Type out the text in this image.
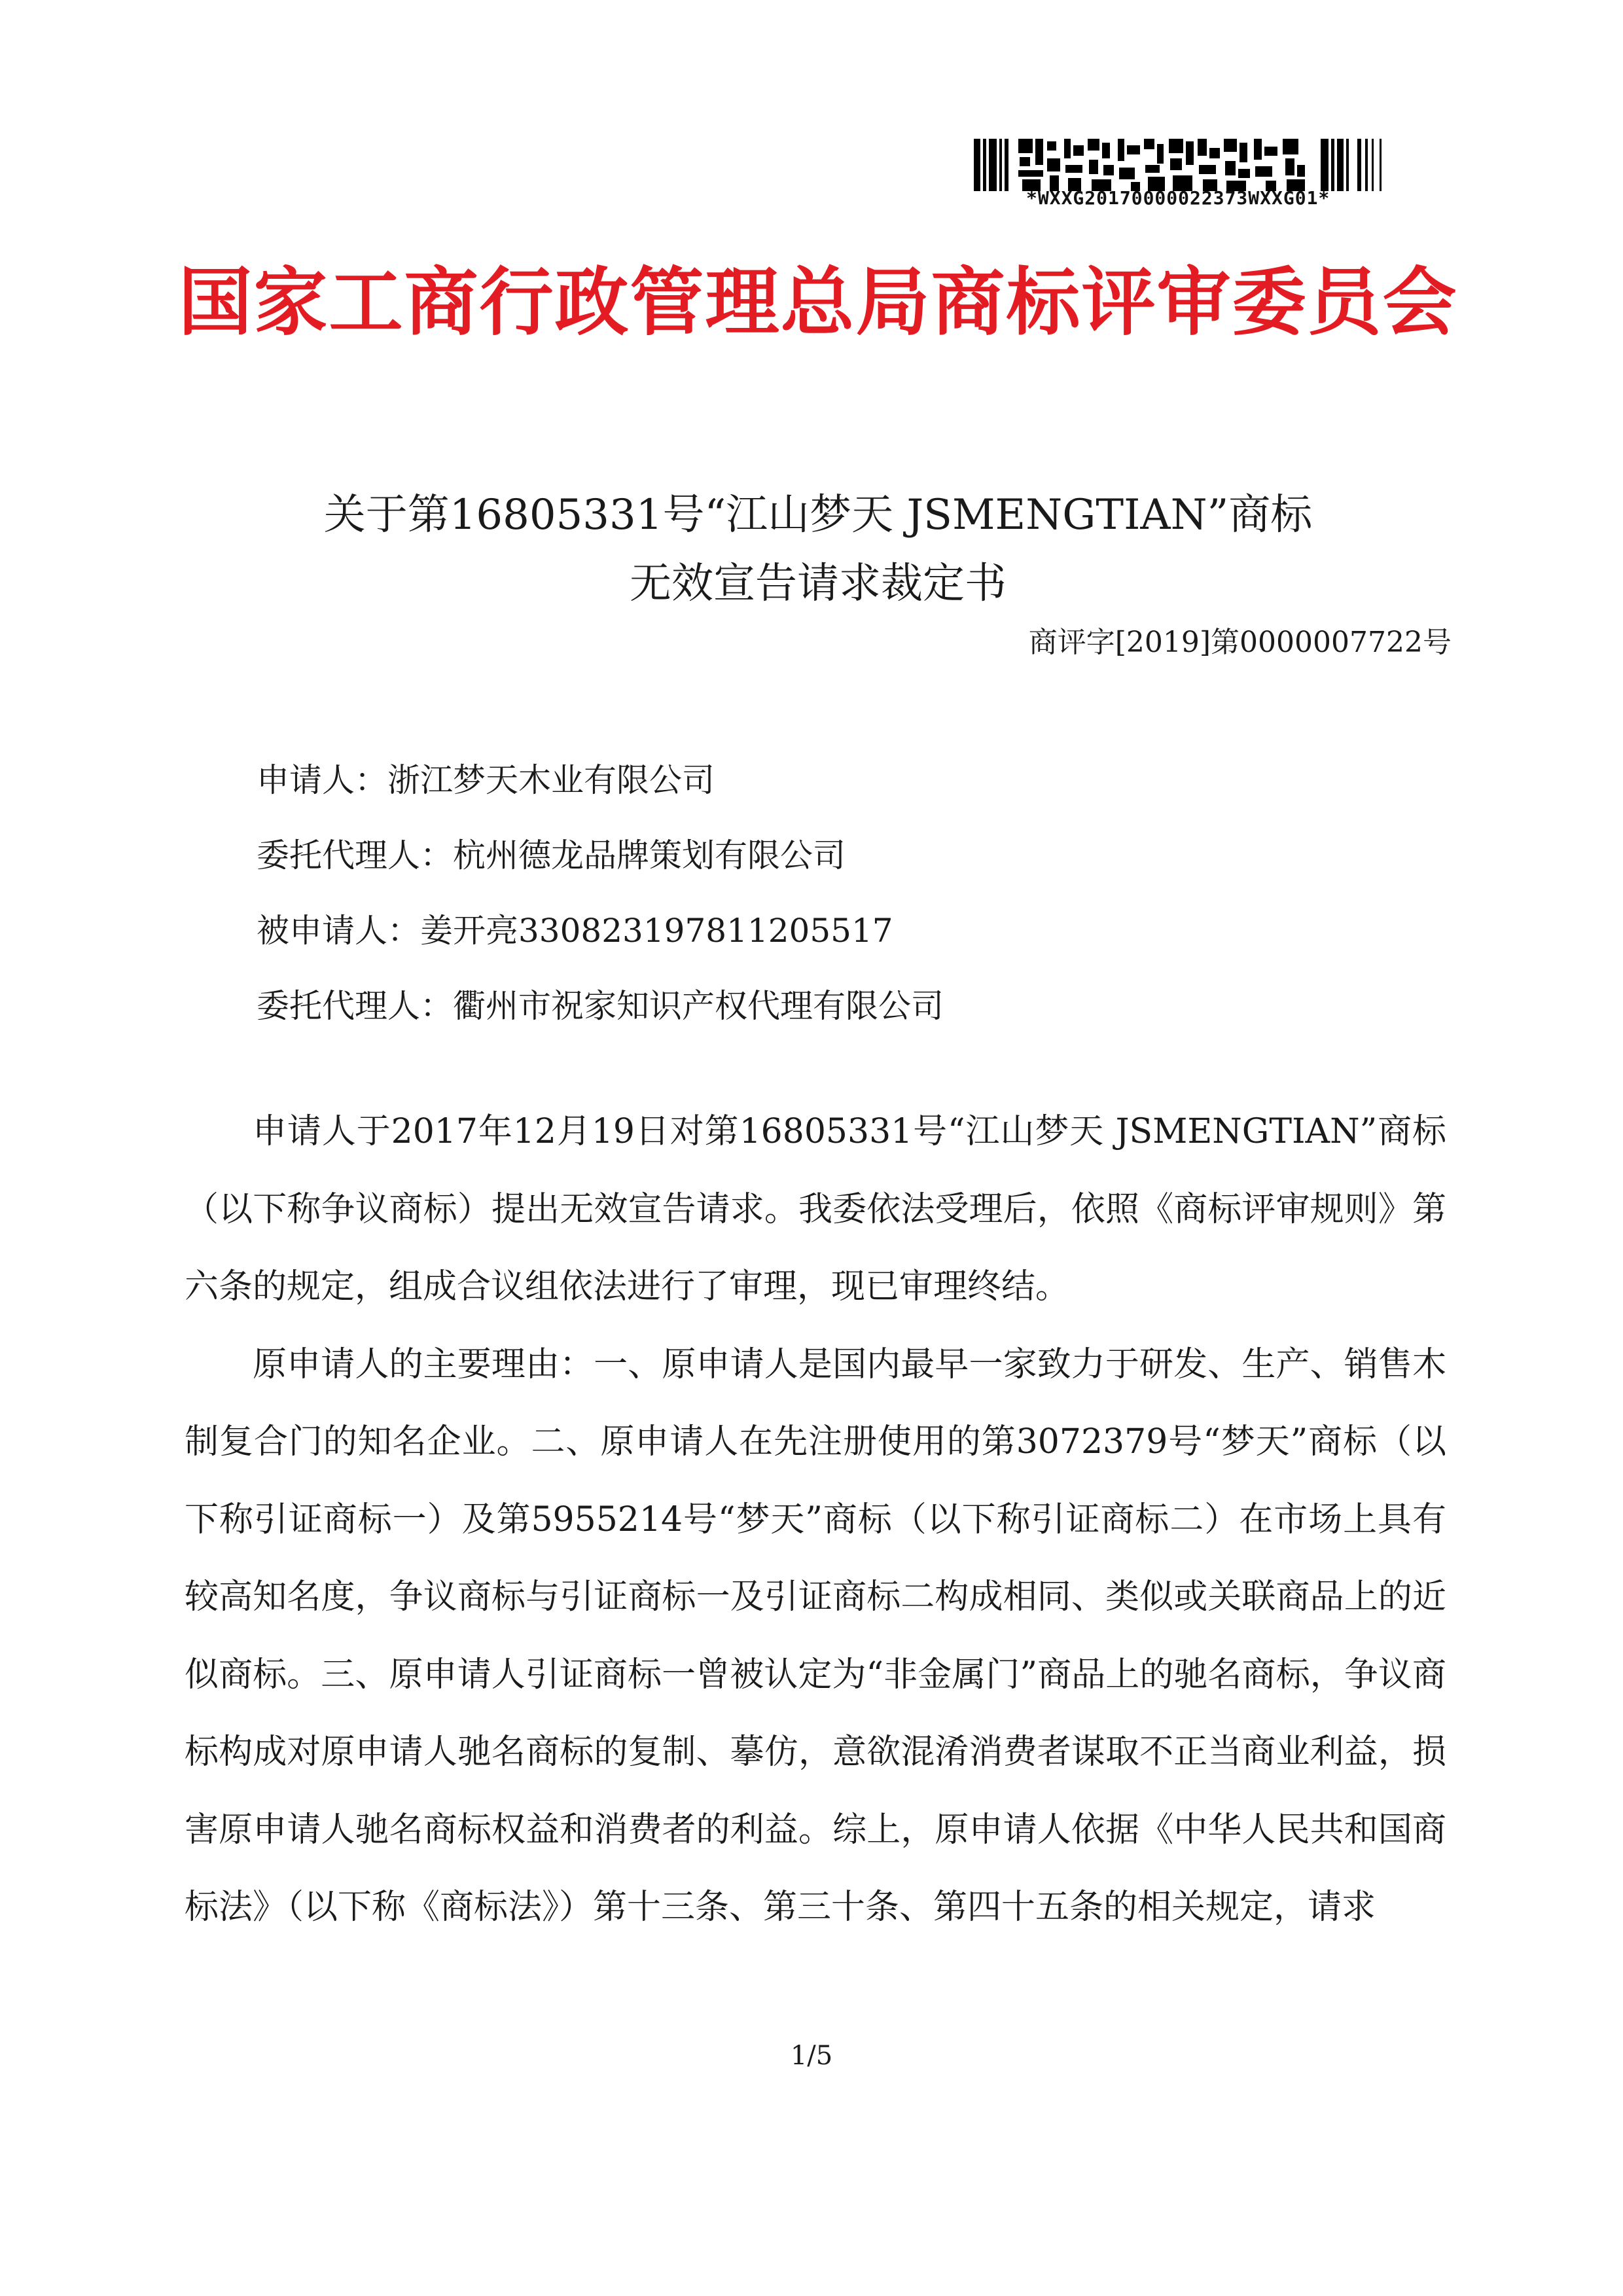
*WXXG20170000022373WXXG01*
国家工商行政管理总局商标评审委员会
关于第16805331号“江山梦天 JSMENGTIAN”商标
无效宣告请求裁定书
商评字[2019]第0000007722号
申请人：浙江梦天木业有限公司
委托代理人：杭州德龙品牌策划有限公司
被申请人：姜开亮330823197811205517
委托代理人：衢州市祝家知识产权代理有限公司

申请人于2017年12月19日对第16805331号“江山梦天 JSMENGTIAN”商标（以下称争议商标）提出无效宣告请求。我委依法受理后，依照《商标评审规则》第六条的规定，组成合议组依法进行了审理，现已审理终结。

原申请人的主要理由：一、原申请人是国内最早一家致力于研发、生产、销售木制复合门的知名企业。二、原申请人在先注册使用的第3072379号“梦天”商标（以下称引证商标一）及第5955214号“梦天”商标（以下称引证商标二）在市场上具有较高知名度，争议商标与引证商标一及引证商标二构成相同、类似或关联商品上的近似商标。三、原申请人引证商标一曾被认定为“非金属门”商品上的驰名商标，争议商标构成对原申请人驰名商标的复制、摹仿，意欲混淆消费者谋取不正当商业利益，损害原申请人驰名商标权益和消费者的利益。综上，原申请人依据《中华人民共和国商标法》（以下称《商标法》）第十三条、第三十条、第四十五条的相关规定，请求

1/5
